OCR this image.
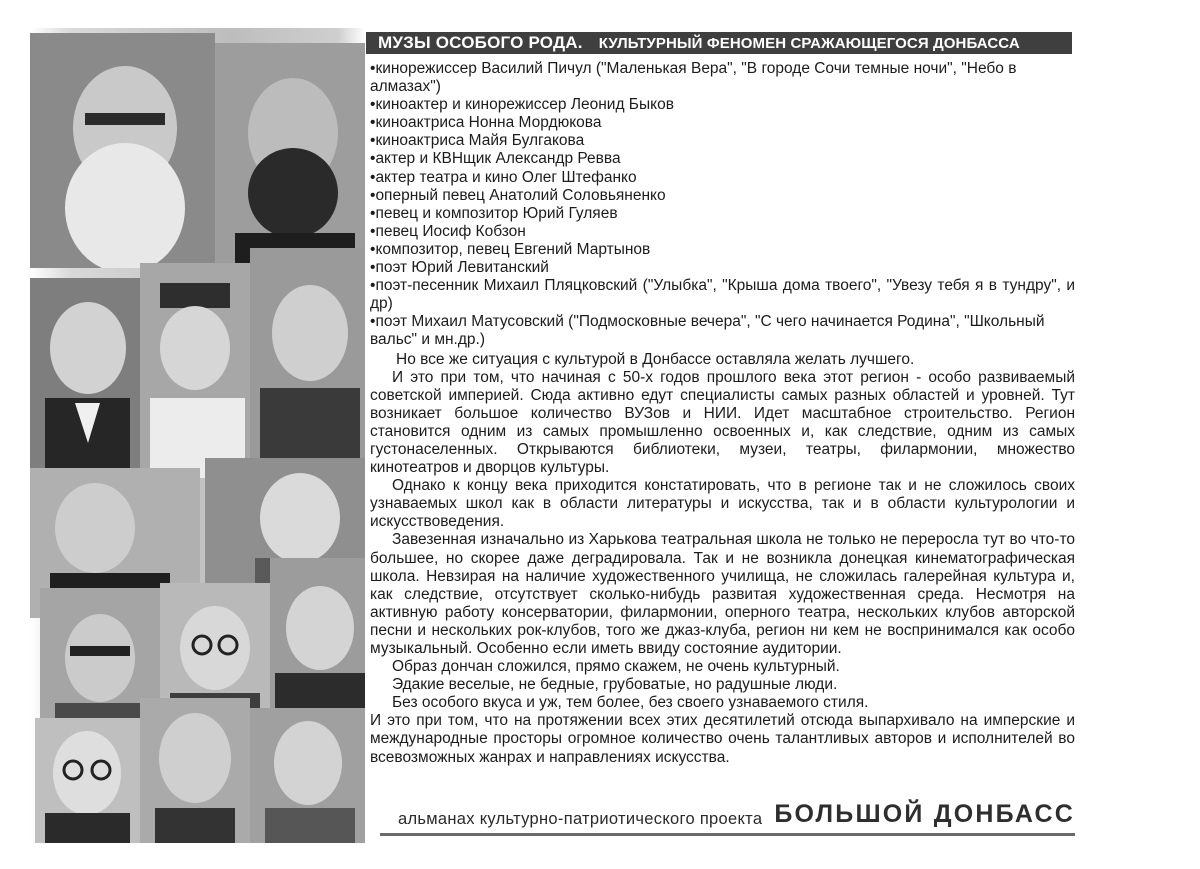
МУЗЫ ОСОБОГО РОДА. КУЛЬТУРНЫЙ ФЕНОМЕН СРАЖАЮЩЕГОСЯ ДОНБАССА
• кинорежиссер Василий Пичул ("Маленькая Вера", "В городе Сочи темные ночи", "Небо в алмазах")
• киноактер и кинорежиссер Леонид Быков
• киноактриса Нонна Мордюкова
• киноактриса Майя Булгакова
• актер и КВНщик Александр Ревва
• актер театра и кино Олег Штефанко
• оперный певец Анатолий Соловьяненко
• певец и композитор Юрий Гуляев
• певец Иосиф Кобзон
• композитор, певец Евгений Мартынов
• поэт Юрий Левитанский
• поэт-песенник Михаил Пляцковский ("Улыбка", "Крыша дома твоего", "Увезу тебя я в тундру", и др)
• поэт Михаил Матусовский ("Подмосковные вечера", "С чего начинается Родина", "Школьный вальс" и мн.др.)

Но все же ситуация с культурой в Донбассе оставляла желать лучшего.

И это при том, что начиная с 50-х годов прошлого века этот регион - особо развиваемый советской империей. Сюда активно едут специалисты самых разных областей и уровней. Тут возникает большое количество ВУЗов и НИИ. Идет масштабное строительство. Регион становится одним из самых промышленно освоенных и, как следствие, одним из самых густонаселенных. Открываются библиотеки, музеи, театры, филармонии, множество кинотеатров и дворцов культуры.

Однако к концу века приходится констатировать, что в регионе так и не сложилось своих узнаваемых школ как в области литературы и искусства, так и в области культурологии и искусствоведения.

Завезенная изначально из Харькова театральная школа не только не переросла тут во что-то большее, но скорее даже деградировала. Так и не возникла донецкая кинематографическая школа. Невзирая на наличие художественного училища, не сложилась галерейная культура и, как следствие, отсутствует сколько-нибудь развитая художественная среда. Несмотря на активную работу консерватории, филармонии, оперного театра, нескольких клубов авторской песни и нескольких рок-клубов, того же джаз-клуба, регион ни кем не воспринимался как особо музыкальный. Особенно если иметь ввиду состояние аудитории.

Образ дончан сложился, прямо скажем, не очень культурный.

Эдакие веселые, не бедные, грубоватые, но радушные люди.

Без особого вкуса и уж, тем более, без своего узнаваемого стиля.

И это при том, что на протяжении всех этих десятилетий отсюда выпархивало на имперские и международные просторы огромное количество очень талантливых авторов и исполнителей во всевозможных жанрах и направлениях искусства.

альманах культурно-патриотического проекта БОЛЬШОЙ ДОНБАСС
